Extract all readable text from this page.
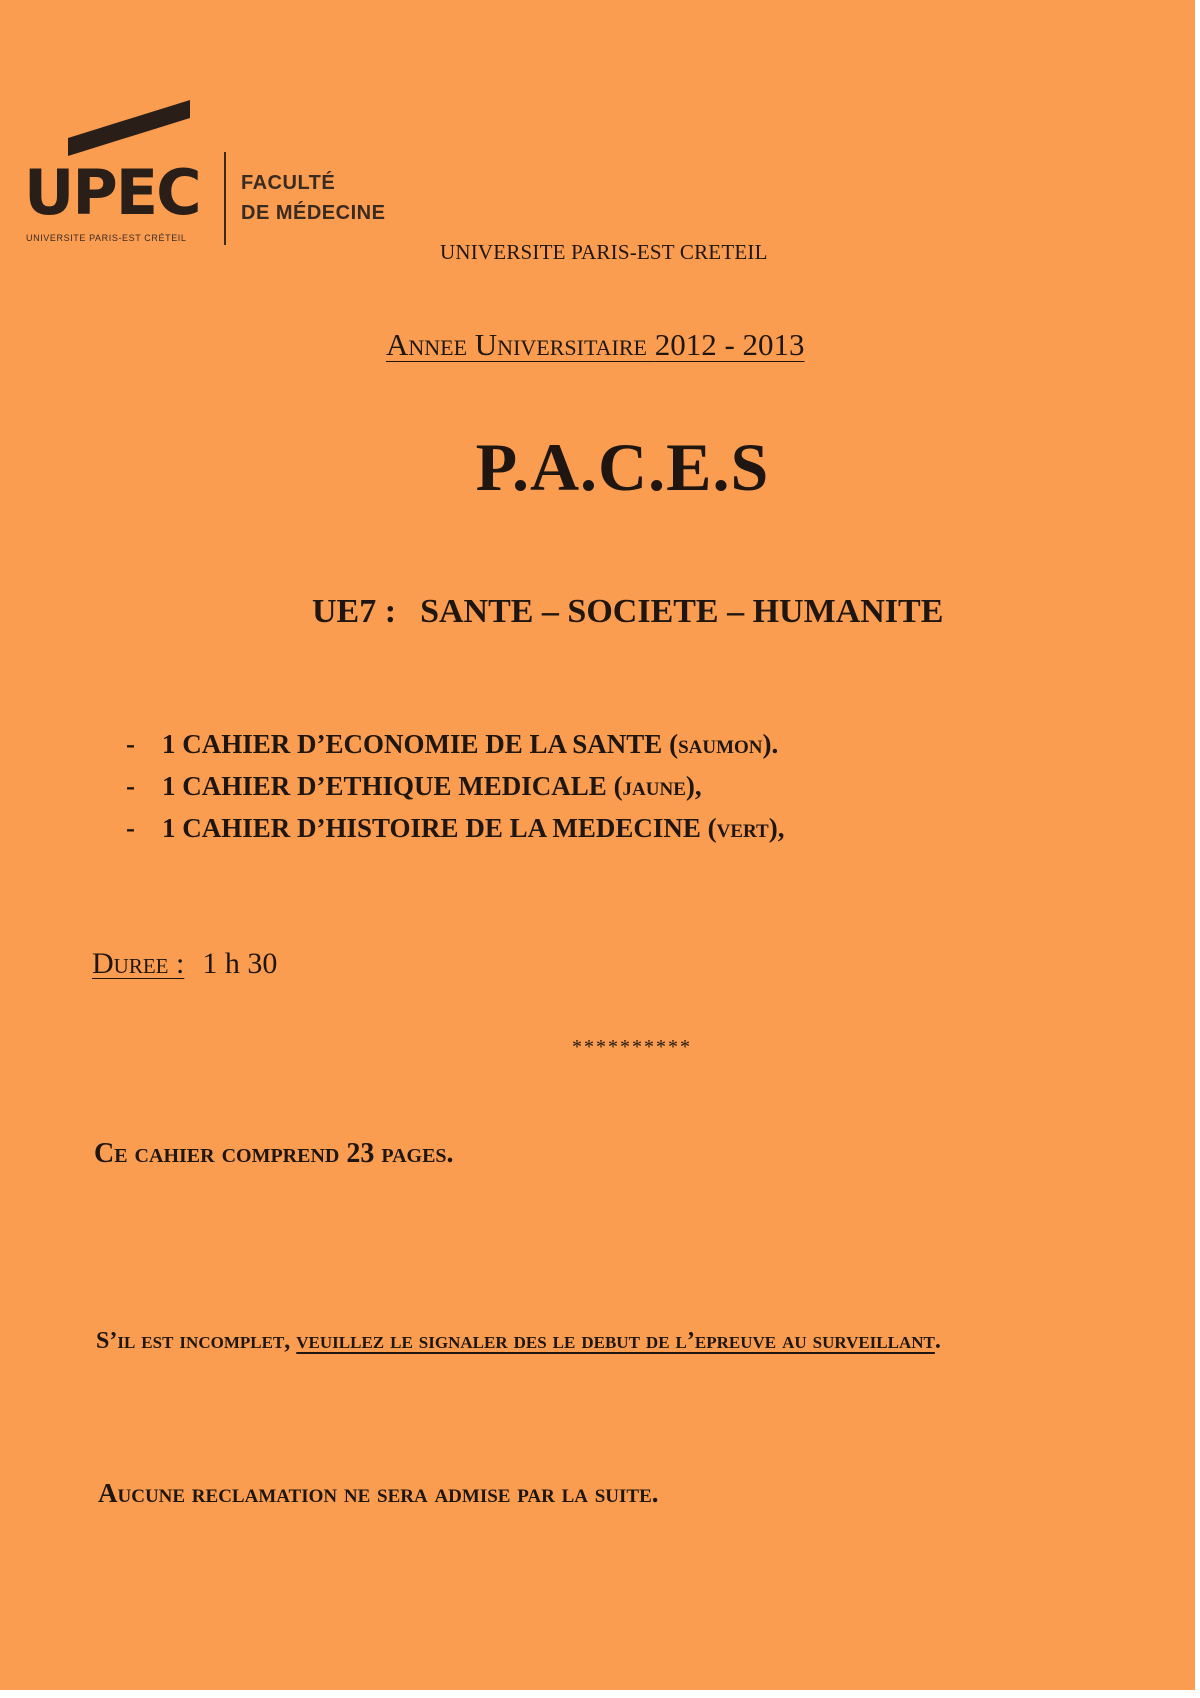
UPEC
UNIVERSITE PARIS-EST CRÉTEIL
FACULTÉ
DE MÉDECINE
UNIVERSITE PARIS-EST CRETEIL
Annee Universitaire 2012 - 2013
P.A.C.E.S
UE7 : SANTE – SOCIETE – HUMANITE
- 1 CAHIER D’ECONOMIE DE LA SANTE (saumon).
- 1 CAHIER D’ETHIQUE MEDICALE (jaune),
- 1 CAHIER D’HISTOIRE DE LA MEDECINE (vert),
Duree : 1 h 30
**********
Ce cahier comprend 23 pages.
S’il est incomplet, veuillez le signaler des le debut de l’epreuve au surveillant.
Aucune reclamation ne sera admise par la suite.
